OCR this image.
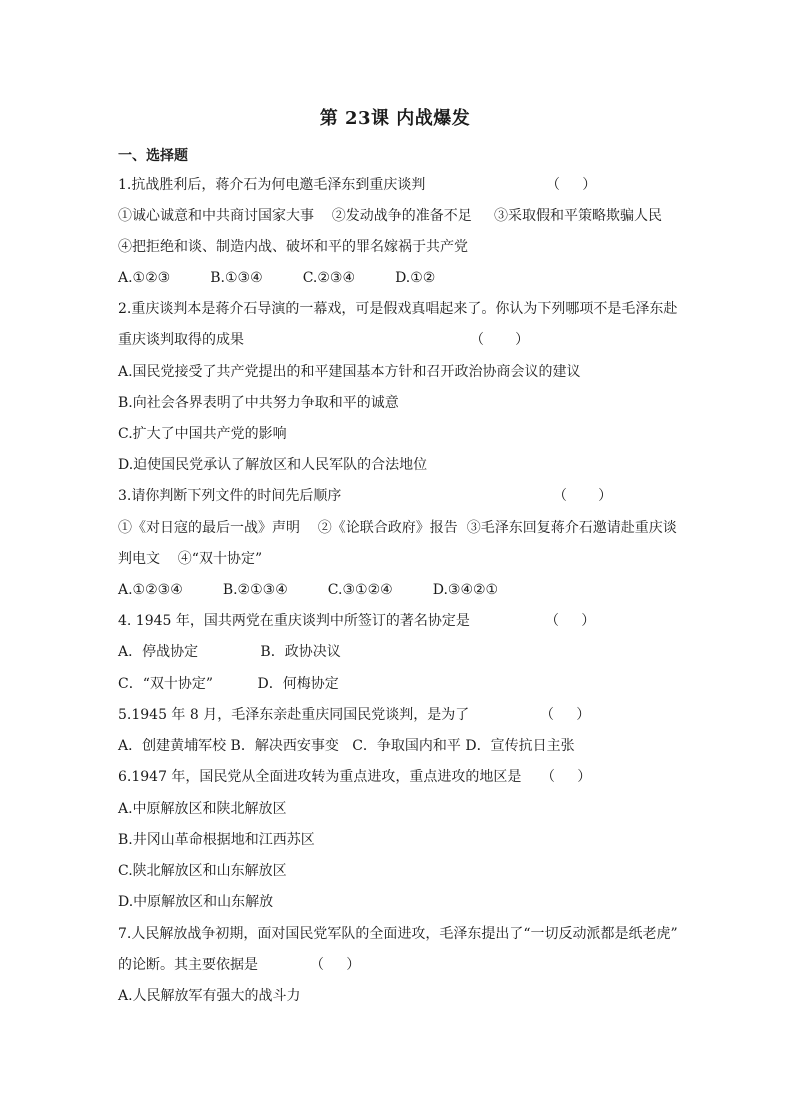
第 23课 内战爆发
一、选择题
1.抗战胜利后，蒋介石为何电邀毛泽东到重庆谈判	（     ）
①诚心诚意和中共商讨国家大事    ②发动战争的准备不足     ③采取假和平策略欺骗人民
④把拒绝和谈、制造内战、破坏和平的罪名嫁祸于共产党
A.①②③         B.①③④         C.②③④         D.①②
2.重庆谈判本是蒋介石导演的一幕戏，可是假戏真唱起来了。你认为下列哪项不是毛泽东赴
重庆谈判取得的成果	（       ）
A.国民党接受了共产党提出的和平建国基本方针和召开政治协商会议的建议
B.向社会各界表明了中共努力争取和平的诚意
C.扩大了中国共产党的影响
D.迫使国民党承认了解放区和人民军队的合法地位
3.请你判断下列文件的时间先后顺序	（       ）
①《对日寇的最后一战》声明    ②《论联合政府》报告  ③毛泽东回复蒋介石邀请赴重庆谈
判电文    ④“双十协定”
A.①②③④         B.②①③④         C.③①②④         D.③④②①
4. 1945 年，国共两党在重庆谈判中所签订的著名协定是	（     ）
A．停战协定              B．政协决议
C．“双十协定”          D．何梅协定
5.1945 年 8 月，毛泽东亲赴重庆同国民党谈判，是为了	（     ）
A．创建黄埔军校 B．解决西安事变   C．争取国内和平 D．宣传抗日主张
6.1947 年，国民党从全面进攻转为重点进攻，重点进攻的地区是 （     ）
A.中原解放区和陕北解放区
B.井冈山革命根据地和江西苏区
C.陕北解放区和山东解放区
D.中原解放区和山东解放
7.人民解放战争初期，面对国民党军队的全面进攻，毛泽东提出了“一切反动派都是纸老虎”
的论断。其主要依据是	（     ）
A.人民解放军有强大的战斗力
